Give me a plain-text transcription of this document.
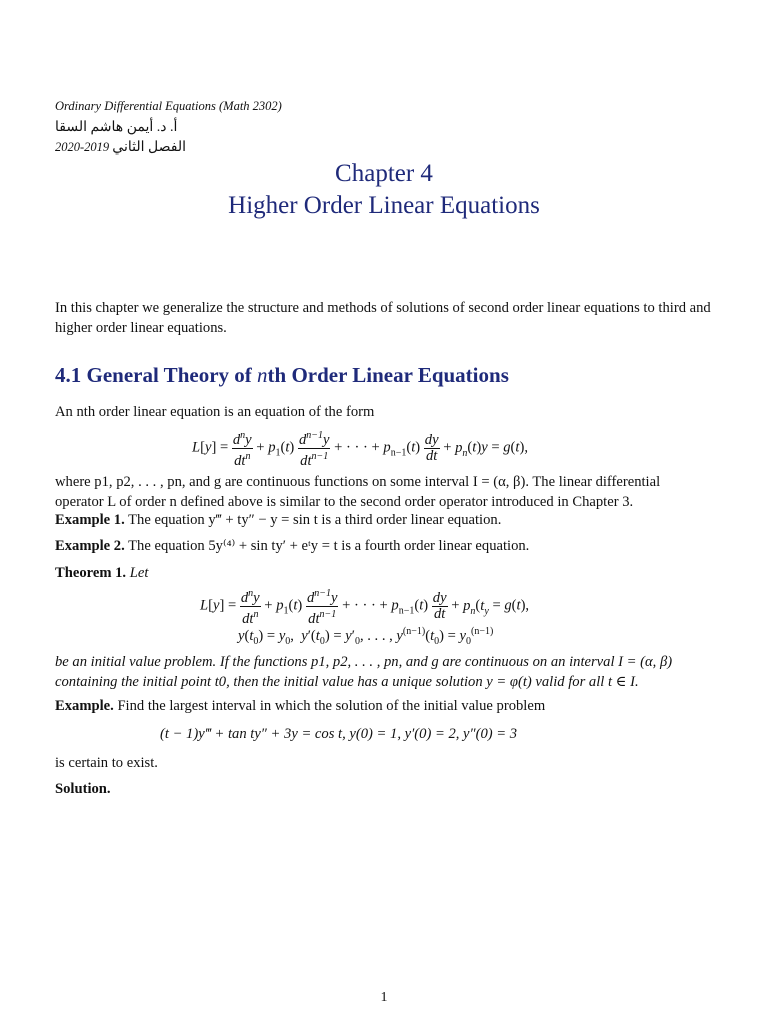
Ordinary Differential Equations (Math 2302)
أ. د. أيمن هاشم السقا
2020-2019 الفصل الثاني
Chapter 4
Higher Order Linear Equations
In this chapter we generalize the structure and methods of solutions of second order linear equations to third and higher order linear equations.
4.1 General Theory of nth Order Linear Equations
An nth order linear equation is an equation of the form
$L[y] = \frac{d^ny}{dt^n} + p_1(t) \frac{d^{n-1}y}{dt^{n-1}}$ + · · · + $p_{n-1}(t) \frac{dy}{dt} + p_n(t)y = g(t)$,
where p1, p2, . . . , pn, and g are continuous functions on some interval I = (α, β). The linear differential
operator L of order n defined above is similar to the second order operator introduced in Chapter 3.
Example 1. The equation y‴ + ty″ − y = sin t is a third order linear equation.
Example 2. The equation 5y⁽⁴⁾ + sin ty′ + eᵗy = t is a fourth order linear equation.
Theorem 1. Let
$L[y] = \frac{d^ny}{dt^n} + p_1(t) \frac{d^{n-1}y}{dt^{n-1}}$ + · · · + $p_{n-1}(t) \frac{dy}{dt} + p_n(t_y = g(t)$,
$y(t_0) = y_0$,  $y'(t_0) = y'_0$, . . . , $y^{(n-1)}(t_0) = y_0^{(n-1)}$
be an initial value problem. If the functions p1, p2, . . . , pn, and g are continuous on an interval I = (α, β)
containing the initial point t0, then the initial value has a unique solution y = φ(t) valid for all t ∈ I.
Example. Find the largest interval in which the solution of the initial value problem
(t − 1)y‴ + tan ty″ + 3y = cos t, y(0) = 1, y′(0) = 2, y″(0) = 3
is certain to exist.
Solution.
1
